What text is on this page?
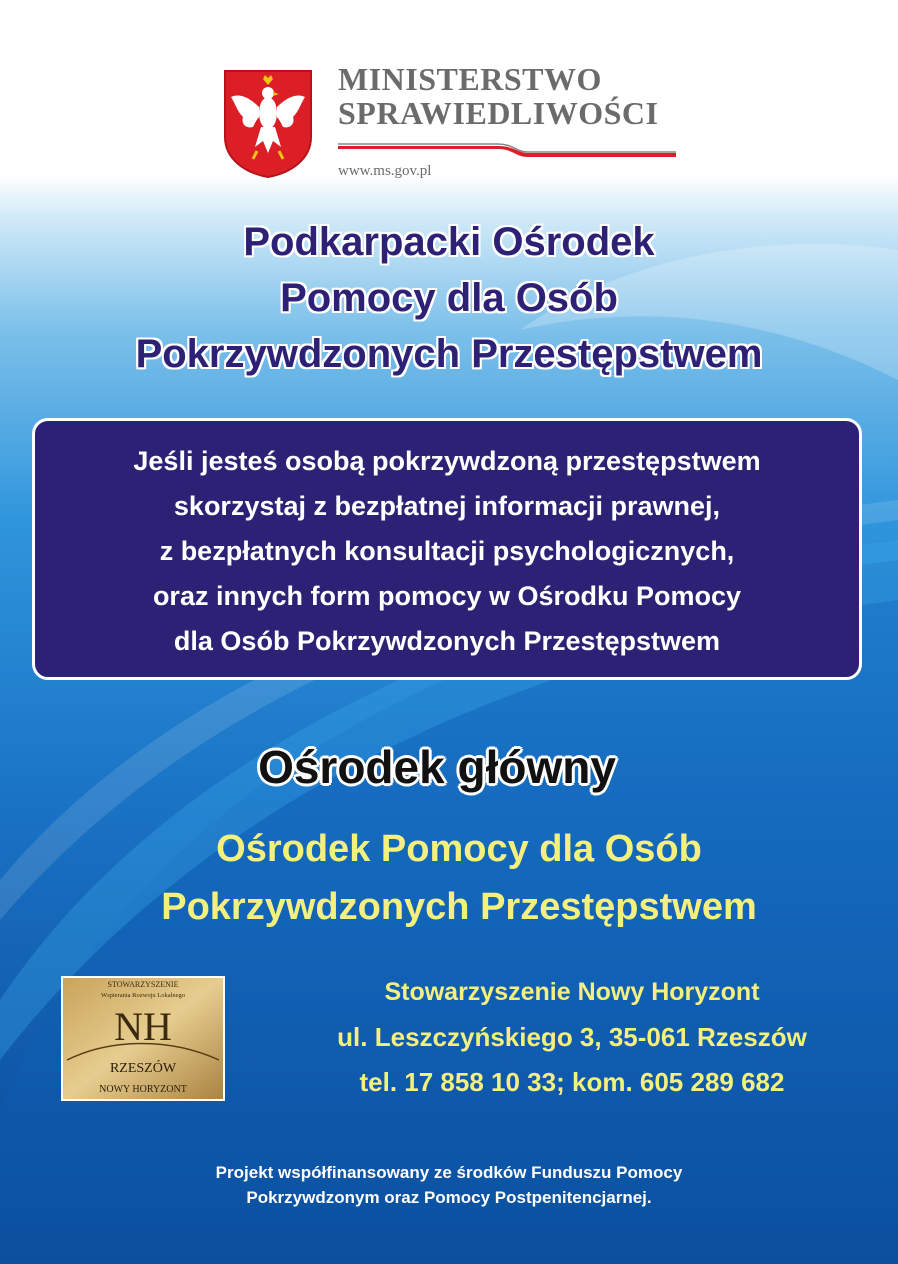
MINISTERSTWO
SPRAWIEDLIWOŚCI
www.ms.gov.pl
Podkarpacki Ośrodek
Pomocy dla Osób
Pokrzywdzonych Przestępstwem
Jeśli jesteś osobą pokrzywdzoną przestępstwem
skorzystaj z bezpłatnej informacji prawnej,
z bezpłatnych konsultacji psychologicznych,
oraz innych form pomocy w Ośrodku Pomocy
dla Osób Pokrzywdzonych Przestępstwem
Ośrodek główny
Ośrodek Pomocy dla Osób
Pokrzywdzonych Przestępstwem
STOWARZYSZENIE
Wspierania Rozwoju Lokalnego
NH
RZESZÓW
NOWY HORYZONT
Stowarzyszenie Nowy Horyzont
ul. Leszczyńskiego 3, 35-061 Rzeszów
tel. 17 858 10 33; kom. 605 289 682
Projekt współfinansowany ze środków Funduszu Pomocy
Pokrzywdzonym oraz Pomocy Postpenitencjarnej.
